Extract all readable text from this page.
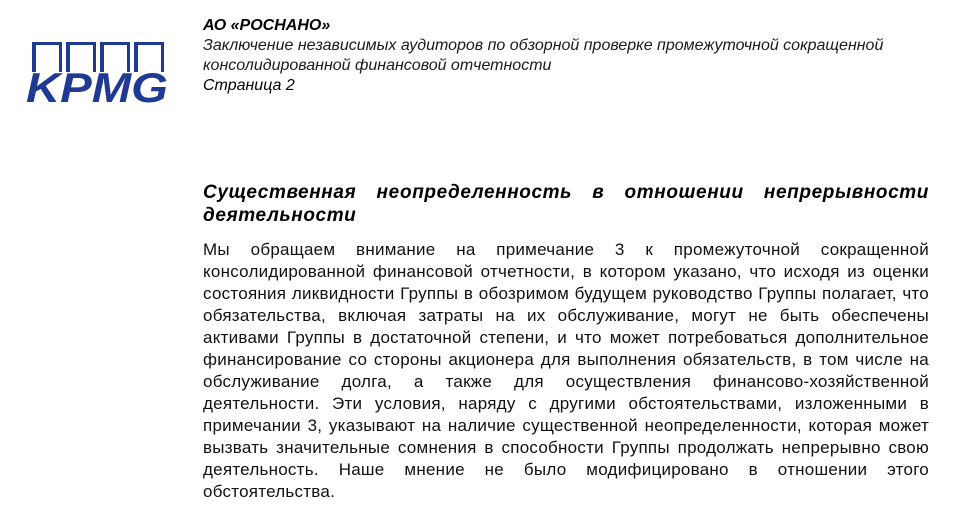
KPMG
АО «РОСНАНО»
Заключение независимых аудиторов по обзорной проверке промежуточной сокращенной консолидированной финансовой отчетности
Страница 2
Существенная неопределенность в отношении непрерывности деятельности

Мы обращаем внимание на примечание 3 к промежуточной сокращенной консолидированной финансовой отчетности, в котором указано, что исходя из оценки состояния ликвидности Группы в обозримом будущем руководство Группы полагает, что обязательства, включая затраты на их обслуживание, могут не быть обеспечены активами Группы в достаточной степени, и что может потребоваться дополнительное финансирование со стороны акционера для выполнения обязательств, в том числе на обслуживание долга, а также для осуществления финансово-хозяйственной деятельности. Эти условия, наряду с другими обстоятельствами, изложенными в примечании 3, указывают на наличие существенной неопределенности, которая может вызвать значительные сомнения в способности Группы продолжать непрерывно свою деятельность. Наше мнение не было модифицировано в отношении этого обстоятельства.
